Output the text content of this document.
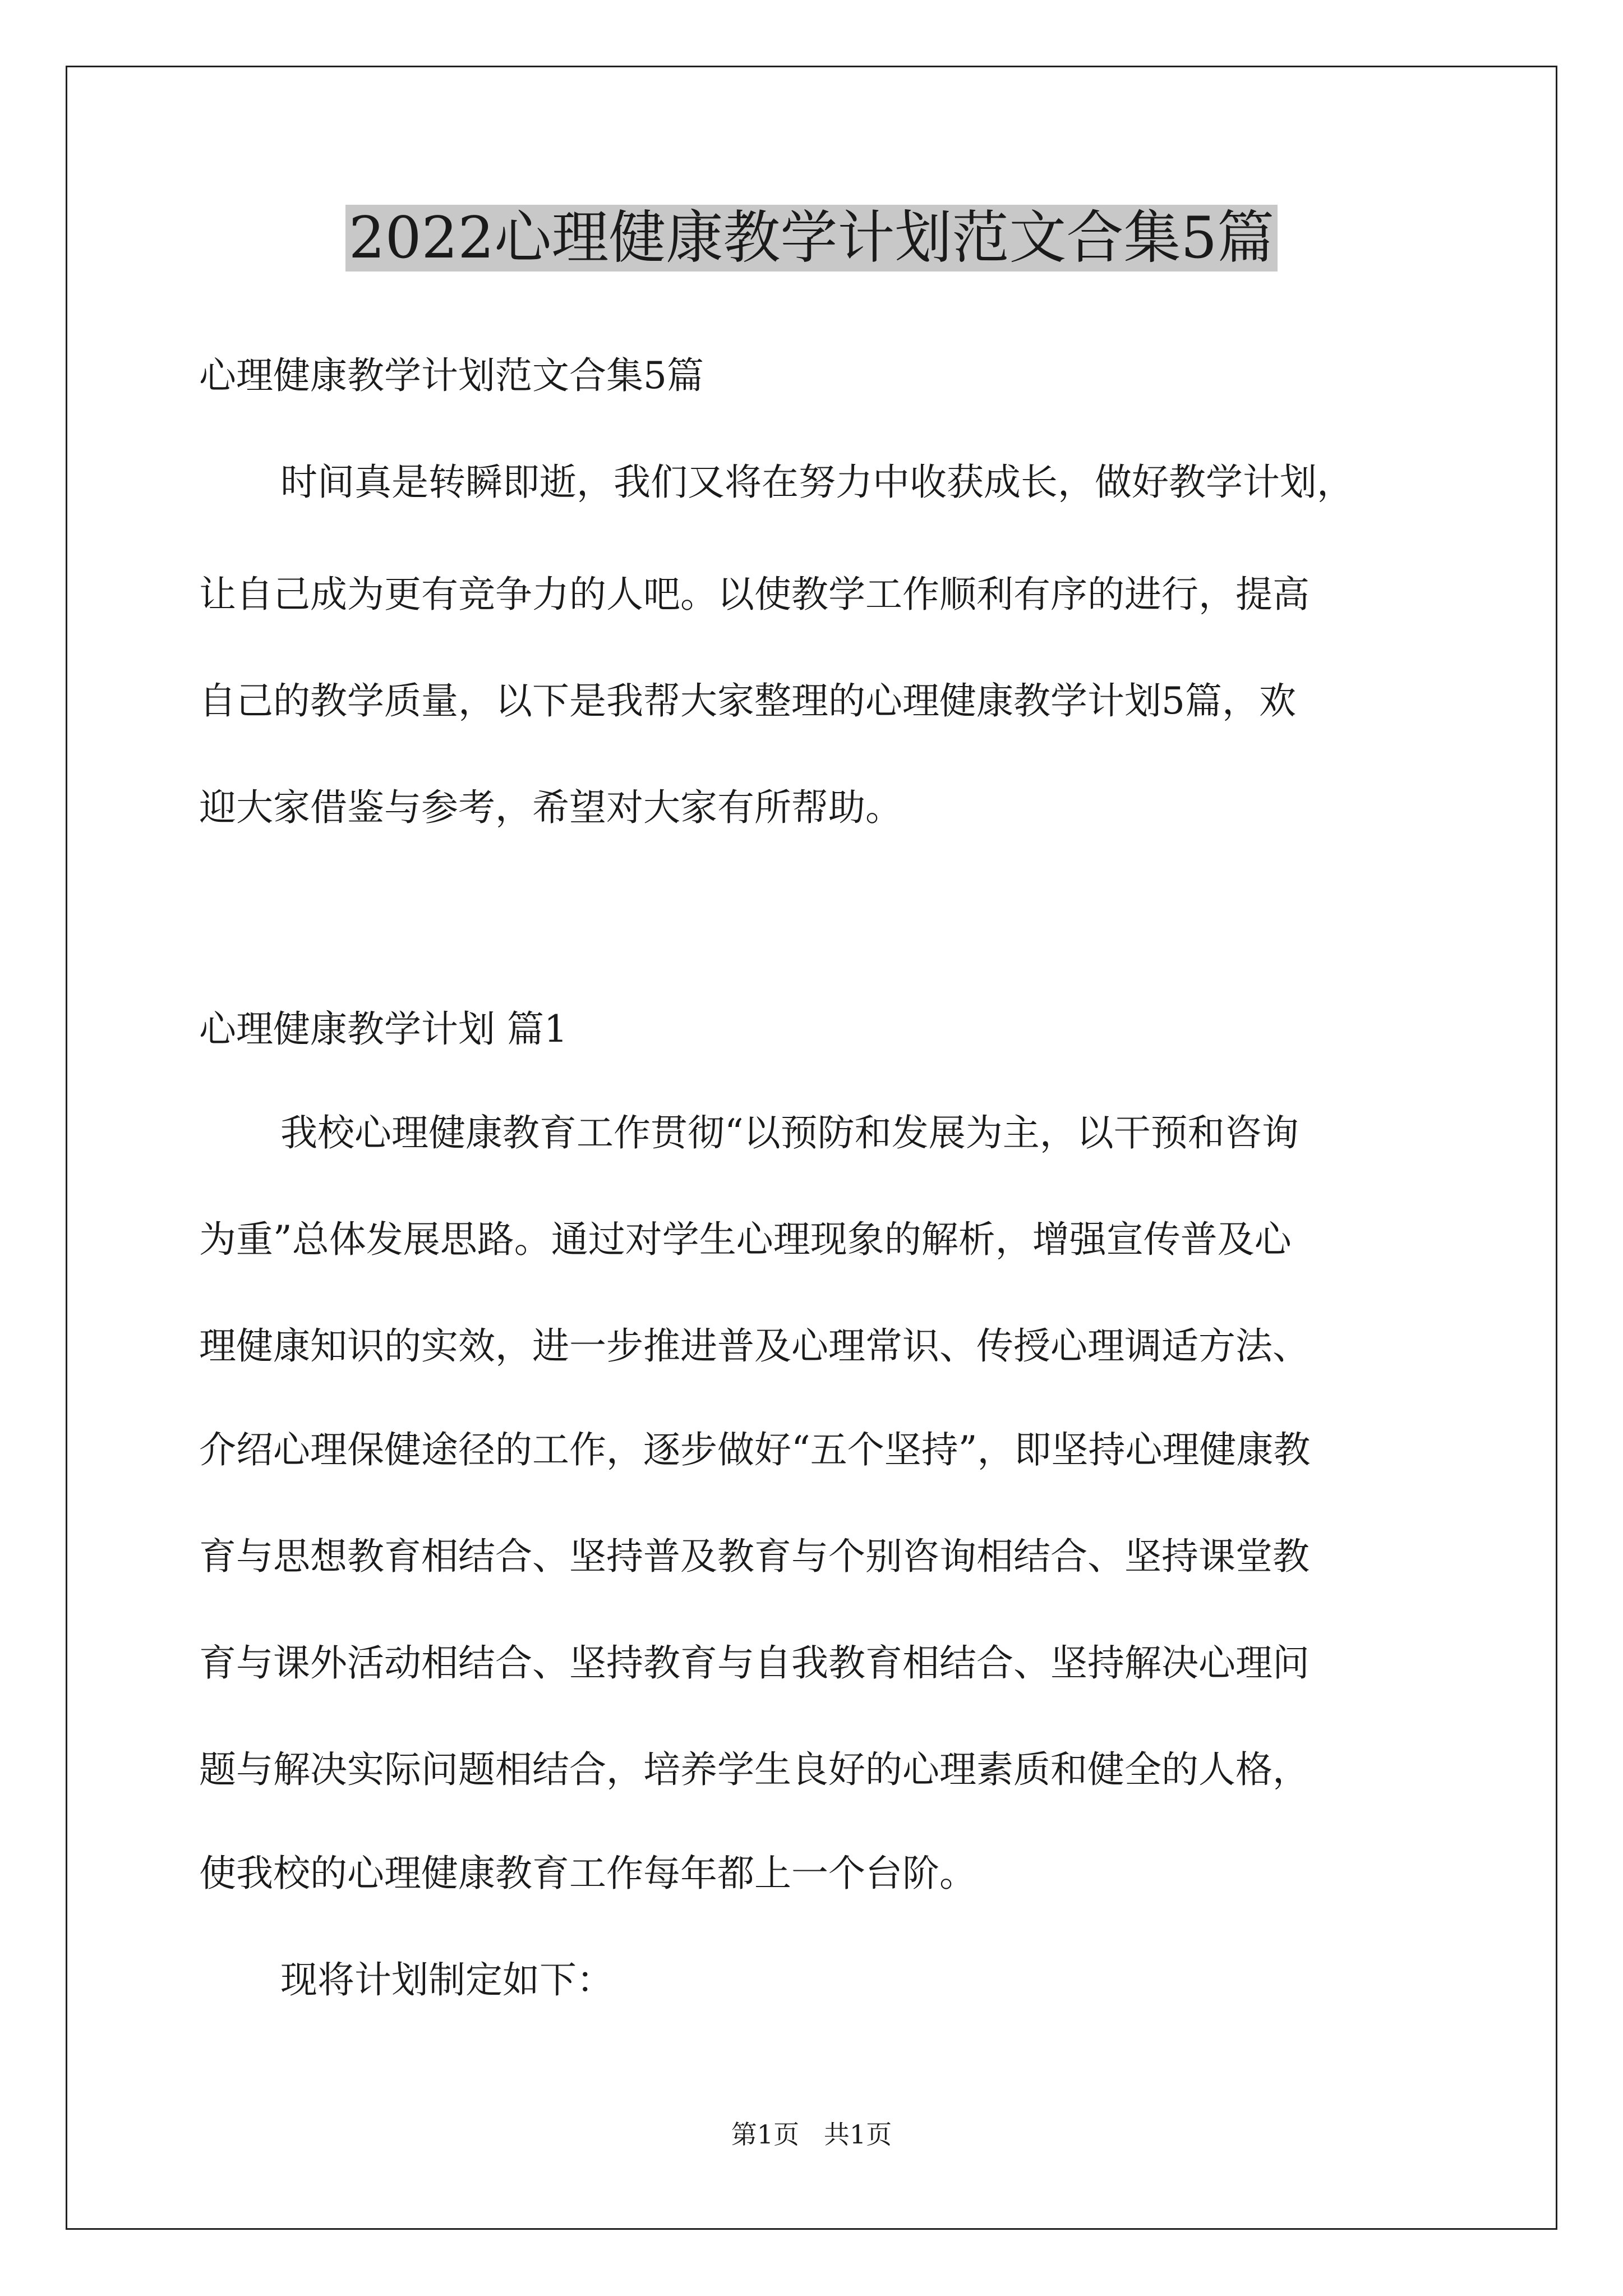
2022心理健康教学计划范文合集5篇
心理健康教学计划范文合集5篇
时间真是转瞬即逝，我们又将在努力中收获成长，做好教学计划，
让自己成为更有竞争力的人吧。以使教学工作顺利有序的进行，提高
自己的教学质量，以下是我帮大家整理的心理健康教学计划5篇，欢
迎大家借鉴与参考，希望对大家有所帮助。
心理健康教学计划 篇1
我校心理健康教育工作贯彻“以预防和发展为主，以干预和咨询
为重”总体发展思路。通过对学生心理现象的解析，增强宣传普及心
理健康知识的实效，进一步推进普及心理常识、传授心理调适方法、
介绍心理保健途径的工作，逐步做好“五个坚持”，即坚持心理健康教
育与思想教育相结合、坚持普及教育与个别咨询相结合、坚持课堂教
育与课外活动相结合、坚持教育与自我教育相结合、坚持解决心理问
题与解决实际问题相结合，培养学生良好的心理素质和健全的人格，
使我校的心理健康教育工作每年都上一个台阶。
现将计划制定如下：
第1页   共1页
